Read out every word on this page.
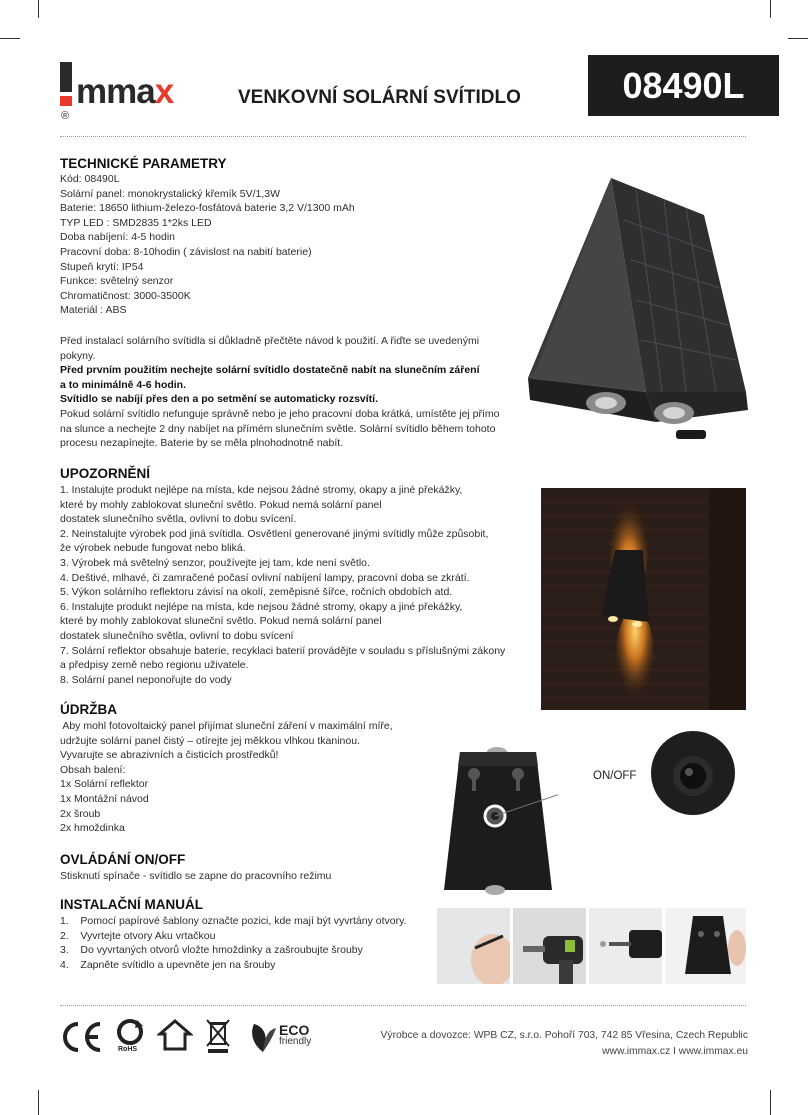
mmax
®
VENKOVNÍ SOLÁRNÍ SVÍTIDLO	08490L
ON/OFF
TECHNICKÉ PARAMETRY
Kód: 08490L
Solární panel: monokrystalický křemík 5V/1,3W
Baterie: 18650 lithium-železo-fosfátová baterie 3,2 V/1300 mAh
TYP LED : SMD2835 1*2ks LED
Doba nabíjení: 4-5 hodin
Pracovní doba: 8-10hodin ( závislost na nabití baterie)
Stupeň krytí: IP54
Funkce: světelný senzor
Chromatičnost: 3000-3500K
Materiál : ABS
Před instalací solárního svítidla si důkladně přečtěte návod k použití. A řiďte se uvedenými
pokyny.
Před prvním použitím nechejte solární svítidlo dostatečně nabít na slunečním záření
a to minimálně 4-6 hodin.
Svítidlo se nabíjí přes den a po setmění se automaticky rozsvítí.
Pokud solární svítidlo nefunguje správně nebo je jeho pracovní doba krátká, umístěte jej přímo
na slunce a nechejte 2 dny nabíjet na přímém slunečním světle. Solární svítidlo během tohoto
procesu nezapínejte. Baterie by se měla plnohodnotně nabít.
UPOZORNĚNÍ
1. Instalujte produkt nejlépe na místa, kde nejsou žádné stromy, okapy a jiné překážky,
které by mohly zablokovat sluneční světlo. Pokud nemá solární panel
dostatek slunečního světla, ovlivní to dobu svícení.
2. Neinstalujte výrobek pod jiná svítidla. Osvětlení generované jinými svítidly může způsobit,
že výrobek nebude fungovat nebo bliká.
3. Výrobek má světelný senzor, používejte jej tam, kde není světlo.
4. Deštivé, mlhavé, či zamračené počasí ovlivní nabíjení lampy, pracovní doba se zkrátí.
5. Výkon solárního reflektoru závisí na okolí, zeměpisné šířce, ročních obdobích atd.
6. Instalujte produkt nejlépe na místa, kde nejsou žádné stromy, okapy a jiné překážky,
které by mohly zablokovat sluneční světlo. Pokud nemá solární panel
dostatek slunečního světla, ovlivní to dobu svícení
7. Solární reflektor obsahuje baterie, recyklaci baterií provádějte v souladu s příslušnými zákony
a předpisy země nebo regionu uživatele.
8. Solární panel neponořujte do vody
ÚDRŽBA
Aby mohl fotovoltaický panel přijímat sluneční záření v maximální míře,
udržujte solární panel čistý – otírejte jej měkkou vlhkou tkaninou.
Vyvarujte se abrazivních a čisticích prostředků!
Obsah balení:
1x Solární reflektor
1x Montážní návod
2x šroub
2x hmoždinka
OVLÁDÁNÍ ON/OFF
Stisknutí spínače - svítidlo se zapne do pracovního režimu
INSTALAČNÍ MANUÁL
1.    Pomocí papírové šablony označte pozici, kde mají být vyvrtány otvory.
2.    Vyvrtejte otvory Aku vrtačkou
3.    Do vyvrtaných otvorů vložte hmoždinky a zašroubujte šrouby
4.    Zapněte svítidlo a upevněte jen na šrouby
RoHS
ECO
friendly
Výrobce a dovozce: WPB CZ, s.r.o. Pohoří 703, 742 85 Vřesina, Czech Republic
www.immax.cz I www.immax.eu
